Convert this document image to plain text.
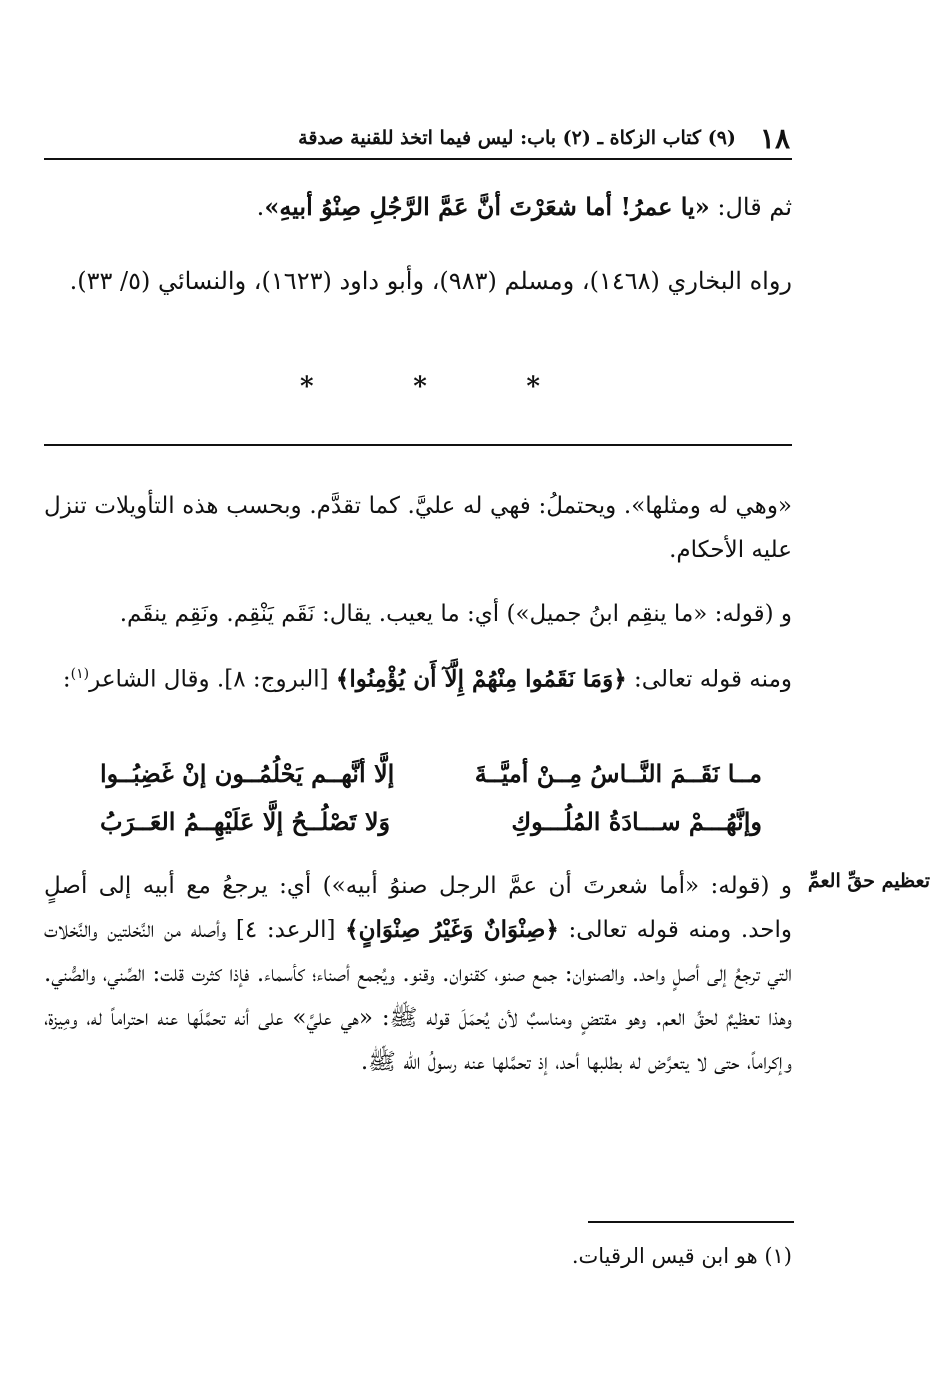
١٨
(٩) كتاب الزكاة ـ (٢) باب: ليس فيما اتخذ للقنية صدقة

ثم قال: «يا عمرُ! أما شعَرْتَ أنَّ عَمَّ الرَّجُلِ صِنْوُ أبيهِ».

رواه البخاري (١٤٦٨)، ومسلم (٩٨٣)، وأبو داود (١٦٢٣)، والنسائي (٥/ ٣٣).

*	*	*

«وهي له ومثلها». ويحتملُ: فهي له عليَّ. كما تقدَّم. وبحسب هذه التأويلات تنزل عليه الأحكام.

و (قوله: «ما ينقِم ابنُ جميل») أي: ما يعيب. يقال: نَقَم يَنْقِم. ونَقِم ينقَم.

ومنه قوله تعالى: ﴿وَمَا نَقَمُوا مِنْهُمْ إِلَّآ أَن يُؤْمِنُوا﴾ [البروج: ٨]. وقال الشاعر$^{(١)}$:

مــا نَقَــمَ النَّــاسُ مِــنْ أميَّــةَ
إلَّا أنَّهــم يَحْلُمُــون إنْ غَضِبُــوا
وإنَّهُـــمْ ســـادَةُ المُلُـــوكِ
وَلا تَصْلُــحُ إلَّا عَلَيْهِــمُ العَــرَبُ
تعظيم حقِّ العمِّ

و (قوله: «أما شعرتَ أن عمَّ الرجل صنوُ أبيه») أي: يرجعُ مع أبيه إلى أصلٍ واحد. ومنه قوله تعالى: ﴿صِنْوَانٌ وَغَيْرُ صِنْوَانٍ﴾ [الرعد: ٤] وأصله من النَّخلتين والنَّخلات التي ترجعُ إلى أصلٍ واحد. والصنوان: جمع صنو، كقنوان. وقنو. ويُجمع أصناء؛ كأسماء. فإذا كثرت قلت: الصِّني، والصُّني. وهذا تعظيمٌ لحقِّ العم. وهو مقتضٍ ومناسبٌ لأن يُحمَلَ قوله ﷺ: «هي عليَّ» على أنه تحمَّلَها عنه احتراماً له، ومِيزة، وإكراماً، حتى لا يتعرَّض له بطلبها أحد، إذ تحمَّلها عنه رسولُ الله ﷺ.

(١) هو ابن قيس الرقيات.
